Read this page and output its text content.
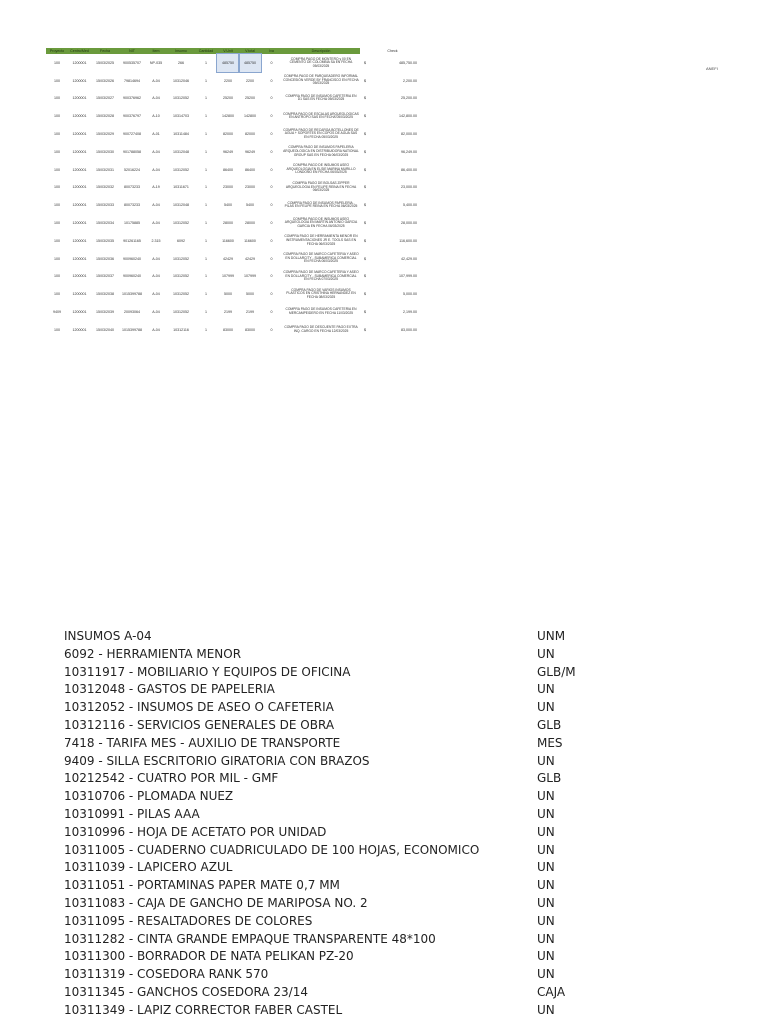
Proyecto	Centro/Med	Fecha	NIT	Item	Insumo	Cantidad	V.Unit	V.total	Iva	Descripción		Check
100	1200001	15/03/2025	900535707	NP-035	266	1	485750	485750	0	COMPRA PAGO DE MONTERO y 00 EN CEMENTO DE COLOMBIA SA EN FECHA 05/03/2025	$	485,750.00
100	1200001	15/03/2026	79814694	A-04	10312046	1	2200	2200	0	COMPRA PAGO DE PARQUEADERO INFORMAL CONCESIÓN VERDE BY FRANCISCO EN FECHA 05/03/2025	$	2,200.00
100	1200001	15/03/2027	900376962	A-04	10312052	1	25200	25200	0	COMPRA PAGO DE INSUMOS CAFETERIA EN D1 SAS EN FECHA 05/03/2025	$	25,200.00
100	1200001	15/03/2028	900376797	A-10	10314703	1	142800	142800	0	COMPRA PAGO DE ESCALAS ARQUEOLOGICAS EN ANTROPO SAS EN FECHA 05/03/2025	$	142,800.00
100	1200001	15/03/2029	900727408	A-01	10311484	1	82000	82000	0	COMPRA PAGO DE RECARGA BOTELLONES DE AGUA + SOPORTES EN COPOS DE AGUA SAS EN FECHA 05/03/2025	$	82,000.00
100	1200001	15/03/2030	901788058	A-04	10312048	1	96249	96249	0	COMPRA PAGO DE INSUMOS PAPELERIA ARQUEOLOGICA EN DISTRIBUIDORA NATIONAL GROUP SAS EN FECHA 06/03/2025	$	96,249.00
100	1200001	15/03/2031	52016224	A-04	10312052	1	86400	86400	0	COMPRA PAGO DE INSUMOS ASEO ARQUEOLOGIA EN ELSIE MARINA MURILLO LONDOÑO EN FECHA 06/03/2025	$	86,400.00
100	1200001	15/03/2032	80073233	A-19	10311671	1	23000	23000	0	COMPRA PAGO DE BOLSAS ZIPPER ARQUEOLOGIA EN FELIPE REINA EN FECHA 06/03/2025	$	23,000.00
100	1200001	15/03/2033	80073233	A-04	10312048	1	5400	5400	0	COMPRA PAGO DE INSUMOS PAPELERIA - PILAS EN FELIPE REINA EN FECHA 06/03/2025	$	5,400.00
100	1200001	15/03/2034	10175885	A-04	10312052	1	28000	28000	0	COMPRA PAGO DE INSUMOS ASEO ARQUEOLOGIA EN MARTIN ANTONIO GARCIA GARCIA EN FECHA 06/03/2025	$	28,000.00
100	1200001	15/03/2035	901261165	2.315	6092	1	116600	116600	0	COMPRA PAGO DE HERRAMIENTA MENOR EN INSTRUMENTACIONES JR E. TOOLS SAS EN FECHA 06/03/2025	$	116,600.00
100	1200001	15/03/2036	900960240	A-04	10312052	1	42429	42429	0	COMPRA PAGO DE MARCO CAFETERIA Y ASEO EN DOLLARCITY - SUBAMERICA COMERCIAL EN FECHA 06/03/2025	$	42,429.00
100	1200001	15/03/2037	900960240	A-04	10312052	1	107999	107999	0	COMPRA PAGO DE MARCO CAFETERIA Y ASEO EN DOLLARCITY - SUBAMERICA COMERCIAL EN FECHA 07/03/2025	$	107,999.00
100	1200001	15/03/2038	1015399788	A-04	10312052	1	5000	5000	0	COMPRA PAGO DE VARIOS INSUMOS PLASTICOS EN CRISTHINA HERNANDEZ EN FECHA 08/03/2025	$	5,000.00
9409	1200001	15/03/2039	20093064	A-04	10312052	1	2199	2199	0	COMPRA PAGO DE INSUMOS CAFETERIA EN MERCAMPEIDERO EN FECHA 11/03/2025	$	2,199.00
100	1200001	15/03/2040	1015399788	A-04	10312116	1	83000	83000	0	COMPRA PAGO DE DESCUENTE PAGO EXTRA INQ. CARGO EN FECHA 12/03/2025	$	83,000.00
ANEFI
INSUMOS A-04	UNM
6092 - HERRAMIENTA MENOR	UN
10311917 - MOBILIARIO Y EQUIPOS DE OFICINA	GLB/M
10312048 - GASTOS DE PAPELERIA	UN
10312052 - INSUMOS DE ASEO O CAFETERIA	UN
10312116 - SERVICIOS GENERALES DE OBRA	GLB
7418 - TARIFA MES - AUXILIO DE TRANSPORTE	MES
9409 - SILLA ESCRITORIO GIRATORIA CON BRAZOS	UN
10212542 - CUATRO POR MIL - GMF	GLB
10310706 - PLOMADA NUEZ	UN
10310991 - PILAS AAA	UN
10310996 - HOJA DE ACETATO POR UNIDAD	UN
10311005 - CUADERNO CUADRICULADO DE 100 HOJAS, ECONOMICO	UN
10311039 - LAPICERO AZUL	UN
10311051 - PORTAMINAS PAPER MATE 0,7 MM	UN
10311083 - CAJA DE GANCHO DE MARIPOSA NO. 2	UN
10311095 - RESALTADORES DE COLORES	UN
10311282 - CINTA GRANDE EMPAQUE TRANSPARENTE 48*100	UN
10311300 - BORRADOR DE NATA PELIKAN PZ-20	UN
10311319 - COSEDORA RANK 570	UN
10311345 - GANCHOS COSEDORA 23/14	CAJA
10311349 - LAPIZ CORRECTOR FABER CASTEL	UN
